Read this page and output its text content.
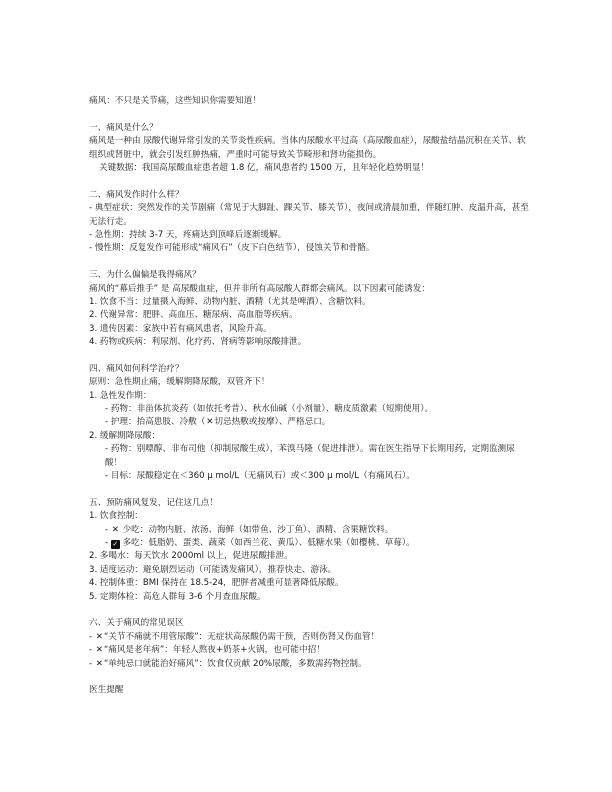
痛风：不只是关节痛，这些知识你需要知道！
一、痛风是什么？
痛风是一种由 尿酸代谢异常引发的关节炎性疾病。当体内尿酸水平过高（高尿酸血症），尿酸盐结晶沉积在关节、软组织或肾脏中，就会引发红肿热痛，严重时可能导致关节畸形和肾功能损伤。
关键数据：我国高尿酸血症患者超 1.8 亿，痛风患者约 1500 万，且年轻化趋势明显！
二、痛风发作时什么样？
- 典型症状：突然发作的关节剧痛（常见于大脚趾、踝关节、膝关节），夜间或清晨加重，伴随红肿、皮温升高，甚至无法行走。
- 急性期：持续 3-7 天，疼痛达到顶峰后逐渐缓解。
- 慢性期：反复发作可能形成“痛风石”（皮下白色结节），侵蚀关节和骨骼。
三、为什么偏偏是我得痛风？
痛风的“幕后推手” 是 高尿酸血症，但并非所有高尿酸人群都会痛风。以下因素可能诱发：
1. 饮食不当：过量摄入海鲜、动物内脏、酒精（尤其是啤酒）、含糖饮料。
2. 代谢异常：肥胖、高血压、糖尿病、高血脂等疾病。
3. 遗传因素：家族中若有痛风患者，风险升高。
4. 药物或疾病：利尿剂、化疗药、肾病等影响尿酸排泄。
四、痛风如何科学治疗？
原则：急性期止痛，缓解期降尿酸，双管齐下！
1. 急性发作期：
- 药物：非甾体抗炎药（如依托考昔）、秋水仙碱（小剂量）、糖皮质激素（短期使用）。
- 护理：抬高患肢、冷敷（✕切忌热敷或按摩）、严格忌口。
2. 缓解期降尿酸：
- 药物：别嘌醇、非布司他（抑制尿酸生成），苯溴马隆（促进排泄）。需在医生指导下长期用药，定期监测尿酸！
- 目标：尿酸稳定在＜360 μ mol/L（无痛风石）或＜300 μ mol/L（有痛风石）。
五、预防痛风复发，记住这几点！
1. 饮食控制：
- ✕ 少吃：动物内脏、浓汤、海鲜（如带鱼、沙丁鱼）、酒精、含果糖饮料。
- ✓ 多吃：低脂奶、蛋类、蔬菜（如西兰花、黄瓜）、低糖水果（如樱桃、草莓）。
2. 多喝水：每天饮水 2000ml 以上，促进尿酸排泄。
3. 适度运动：避免剧烈运动（可能诱发痛风），推荐快走、游泳。
4. 控制体重：BMI 保持在 18.5-24，肥胖者减重可显著降低尿酸。
5. 定期体检：高危人群每 3-6 个月查血尿酸。
六、关于痛风的常见误区
- ✕“关节不痛就不用管尿酸”：无症状高尿酸仍需干预，否则伤肾又伤血管！
- ✕“痛风是老年病”：年轻人熬夜+奶茶+火锅，也可能中招！
- ✕“单纯忌口就能治好痛风”：饮食仅贡献 20%尿酸，多数需药物控制。
医生提醒
